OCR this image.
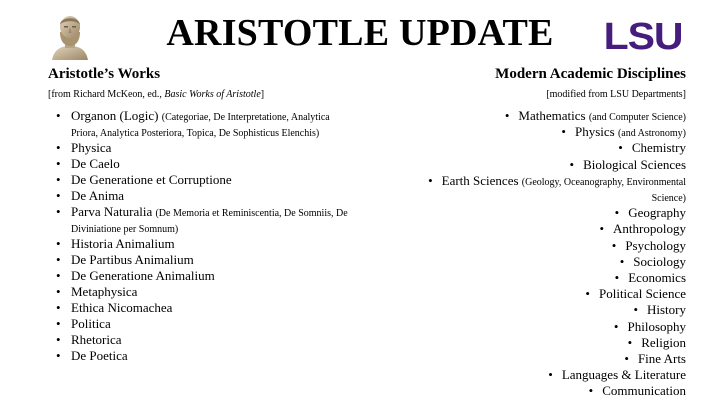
ARISTOTLE UPDATE	LSU

Aristotle’s Works

[from Richard McKeon, ed., Basic Works of Aristotle]

• Organon (Logic) (Categoriae, De Interpretatione, Analytica Priora, Analytica Posteriora, Topica, De Sophisticus Elenchis)
• Physica
• De Caelo
• De Generatione et Corruptione
• De Anima
• Parva Naturalia (De Memoria et Reminiscentia, De Somniis, De Diviniatione per Somnum)
• Historia Animalium
• De Partibus Animalium
• De Generatione Animalium
• Metaphysica
• Ethica Nicomachea
• Politica
• Rhetorica
• De Poetica

Modern Academic Disciplines

[modified from LSU Departments]

• Mathematics (and Computer Science)
• Physics (and Astronomy)
• Chemistry
• Biological Sciences
• Earth Sciences (Geology, Oceanography, Environmental Science)
• Geography
• Anthropology
• Psychology
• Sociology
• Economics
• Political Science
• History
• Philosophy
• Religion
• Fine Arts
• Languages & Literature
• Communication
